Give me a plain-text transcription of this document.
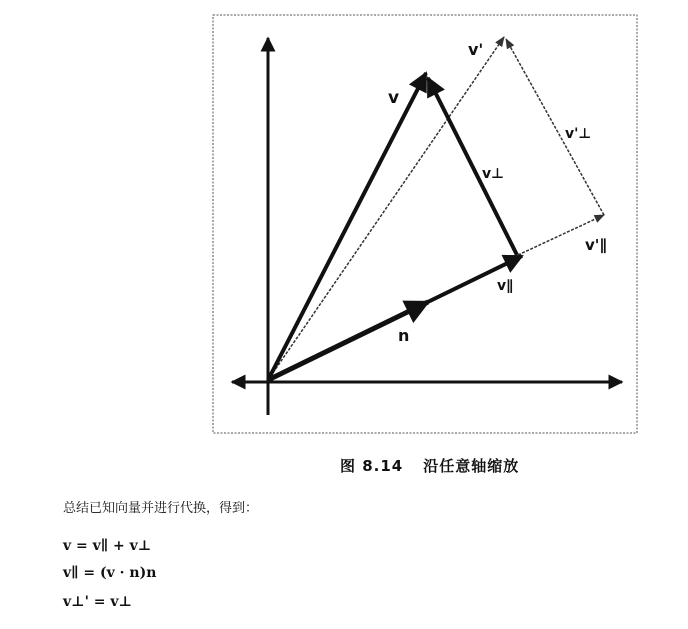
v
v'
v⊥
v'⊥
v∥
v'∥
n
图 8.14 沿任意轴缩放
总结已知向量并进行代换，得到：
v = v∥ + v⊥
v∥ = (v · n)n
v⊥' = v⊥
